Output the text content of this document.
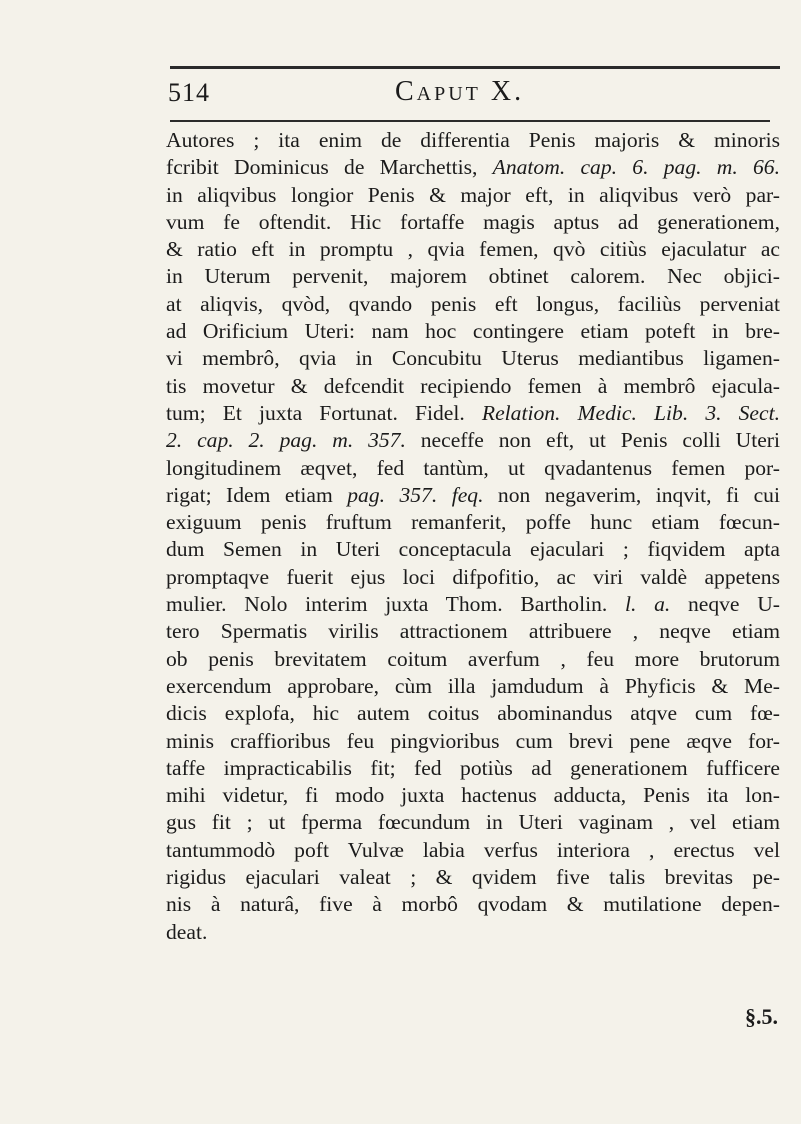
514	Caput X.
Autores ; ita enim de differentia Penis majoris & minoris
fcribit Dominicus de Marchettis, Anatom. cap. 6. pag. m. 66.
in aliqvibus longior Penis & major eft, in aliqvibus verò par-
vum fe oftendit. Hic fortaffe magis aptus ad generationem,
& ratio eft in promptu , qvia femen, qvò citiùs ejaculatur ac
in Uterum pervenit, majorem obtinet calorem. Nec objici-
at aliqvis, qvòd, qvando penis eft longus, faciliùs perveniat
ad Orificium Uteri: nam hoc contingere etiam poteft in bre-
vi membrô, qvia in Concubitu Uterus mediantibus ligamen-
tis movetur & defcendit recipiendo femen à membrô ejacula-
tum; Et juxta Fortunat. Fidel. Relation. Medic. Lib. 3. Sect.
2. cap. 2. pag. m. 357. neceffe non eft, ut Penis colli Uteri
longitudinem æqvet, fed tantùm, ut qvadantenus femen por-
rigat; Idem etiam pag. 357. feq. non negaverim, inqvit, fi cui
exiguum penis fruftum remanferit, poffe hunc etiam fœcun-
dum Semen in Uteri conceptacula ejaculari ; fiqvidem apta
promptaqve fuerit ejus loci difpofitio, ac viri valdè appetens
mulier. Nolo interim juxta Thom. Bartholin. l. a. neqve U-
tero Spermatis virilis attractionem attribuere , neqve etiam
ob penis brevitatem coitum averfum , feu more brutorum
exercendum approbare, cùm illa jamdudum à Phyficis & Me-
dicis explofa, hic autem coitus abominandus atqve cum fœ-
minis craffioribus feu pingvioribus cum brevi pene æqve for-
taffe impracticabilis fit; fed potiùs ad generationem fufficere
mihi videtur, fi modo juxta hactenus adducta, Penis ita lon-
gus fit ; ut fperma fœcundum in Uteri vaginam , vel etiam
tantummodò poft Vulvæ labia verfus interiora , erectus vel
rigidus ejaculari valeat ; & qvidem five talis brevitas pe-
nis à naturâ, five à morbô qvodam & mutilatione depen-
deat.
§.5.
